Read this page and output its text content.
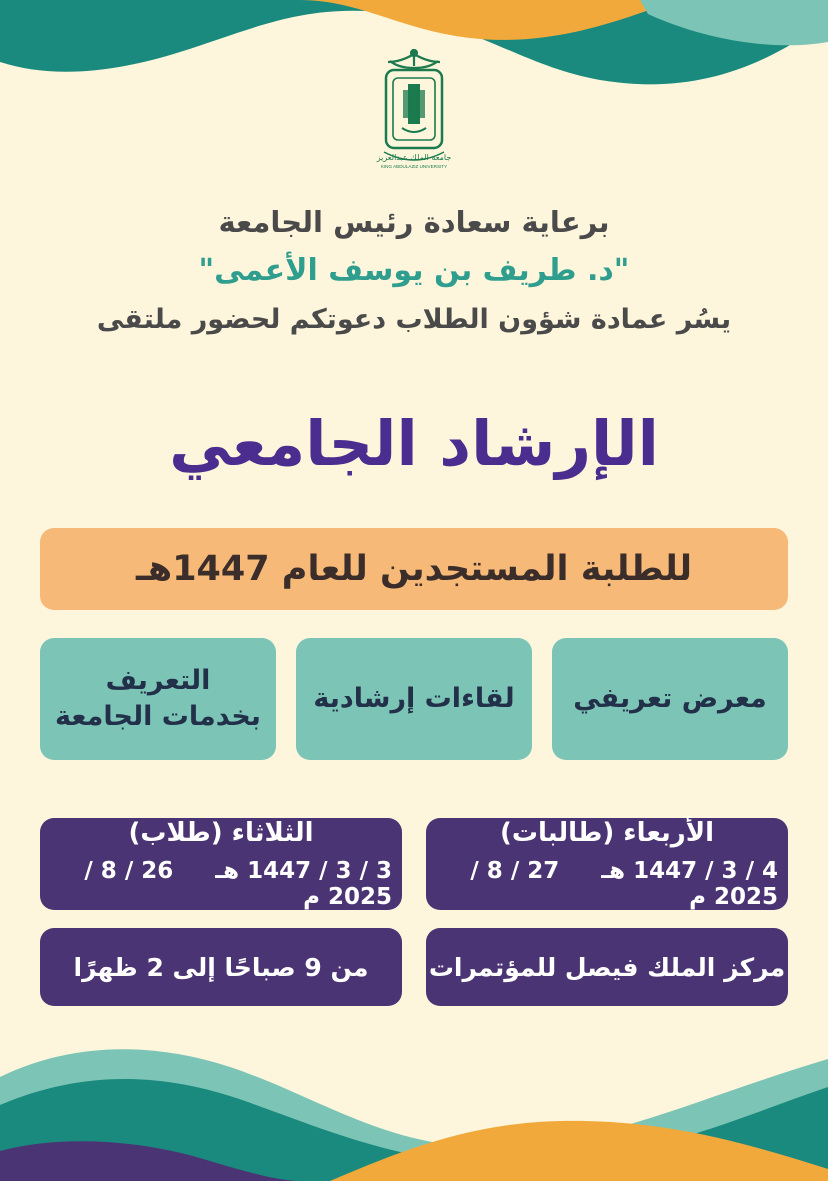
جامعة الملك عبدالعزيز
KING ABDULAZIZ UNIVERSITY
برعاية سعادة رئيس الجامعة
"د. طريف بن يوسف الأعمى"
يسُر عمادة شؤون الطلاب دعوتكم لحضور ملتقى
الإرشاد الجامعي
للطلبة المستجدين للعام 1447هـ
التعريف بخدمات الجامعة
لقاءات إرشادية معرض تعريفي
الثلاثاء (طلاب)
3 / 3 / 1447 هـ  26 / 8 / 2025 م
الأربعاء (طالبات)
4 / 3 / 1447 هـ  27 / 8 / 2025 م
من 9 صباحًا إلى 2 ظهرًا مركز الملك فيصل للمؤتمرات
